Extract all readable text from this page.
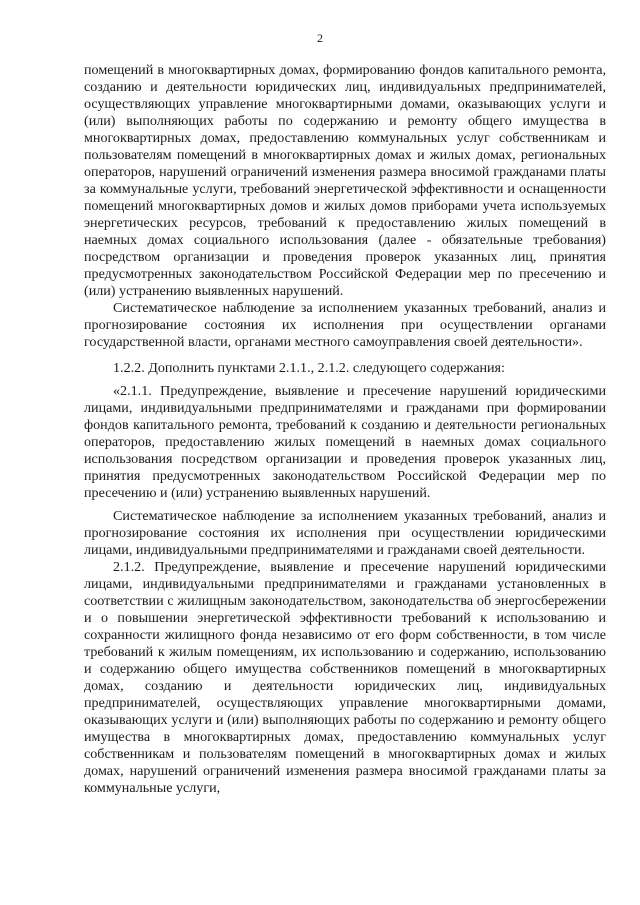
2

помещений в многоквартирных домах, формированию фондов капитального ремонта, созданию и деятельности юридических лиц, индивидуальных предпринимателей, осуществляющих управление многоквартирными домами, оказывающих услуги и (или) выполняющих работы по содержанию и ремонту общего имущества в многоквартирных домах, предоставлению коммунальных услуг собственникам и пользователям помещений в многоквартирных домах и жилых домах, региональных операторов, нарушений ограничений изменения размера вносимой гражданами платы за коммунальные услуги, требований энергетической эффективности и оснащенности помещений многоквартирных домов и жилых домов приборами учета используемых энергетических ресурсов, требований к предоставлению жилых помещений в наемных домах социального использования (далее - обязательные требования) посредством организации и проведения проверок указанных лиц, принятия предусмотренных законодательством Российской Федерации мер по пресечению и (или) устранению выявленных нарушений.

Систематическое наблюдение за исполнением указанных требований, анализ и прогнозирование состояния их исполнения при осуществлении органами государственной власти, органами местного самоуправления своей деятельности».

1.2.2. Дополнить пунктами 2.1.1., 2.1.2. следующего содержания:

«2.1.1. Предупреждение, выявление и пресечение нарушений юридическими лицами, индивидуальными предпринимателями и гражданами при формировании фондов капитального ремонта, требований к созданию и деятельности региональных операторов, предоставлению жилых помещений в наемных домах социального использования посредством организации и проведения проверок указанных лиц, принятия предусмотренных законодательством Российской Федерации мер по пресечению и (или) устранению выявленных нарушений.

Систематическое наблюдение за исполнением указанных требований, анализ и прогнозирование состояния их исполнения при осуществлении юридическими лицами, индивидуальными предпринимателями и гражданами своей деятельности.

2.1.2. Предупреждение, выявление и пресечение нарушений юридическими лицами, индивидуальными предпринимателями и гражданами установленных в соответствии с жилищным законодательством, законодательства об энергосбережении и о повышении энергетической эффективности требований к использованию и сохранности жилищного фонда независимо от его форм собственности, в том числе требований к жилым помещениям, их использованию и содержанию, использованию и содержанию общего имущества собственников помещений в многоквартирных домах, созданию и деятельности юридических лиц, индивидуальных предпринимателей, осуществляющих управление многоквартирными домами, оказывающих услуги и (или) выполняющих работы по содержанию и ремонту общего имущества в многоквартирных домах, предоставлению коммунальных услуг собственникам и пользователям помещений в многоквартирных домах и жилых домах, нарушений ограничений изменения размера вносимой гражданами платы за коммунальные услуги,
